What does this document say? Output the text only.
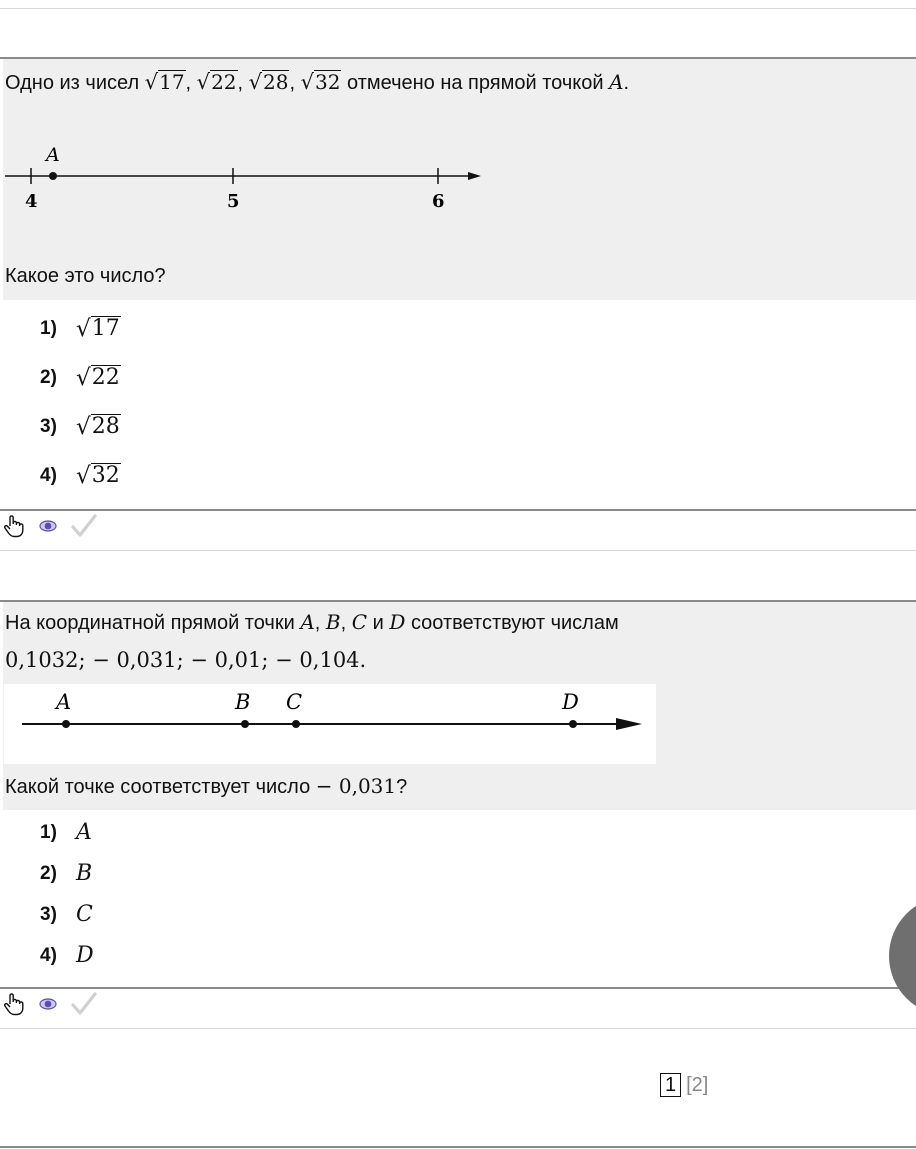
Одно из чисел √ 17 , √ 22 , √ 28 , √ 32 отмечено на прямой точкой A.
A
4	5	6
Какое это число?
1) √ 17
2) √ 22
3) √ 28
4) √ 32
На координатной прямой точки A, B, C и D соответствуют числам
0,1032; − 0,031; − 0,01; − 0,104.
A	B C	D
Какой точке соответствует число − 0,031?
1) A
2) B
3) C
4) D
1 [2]
